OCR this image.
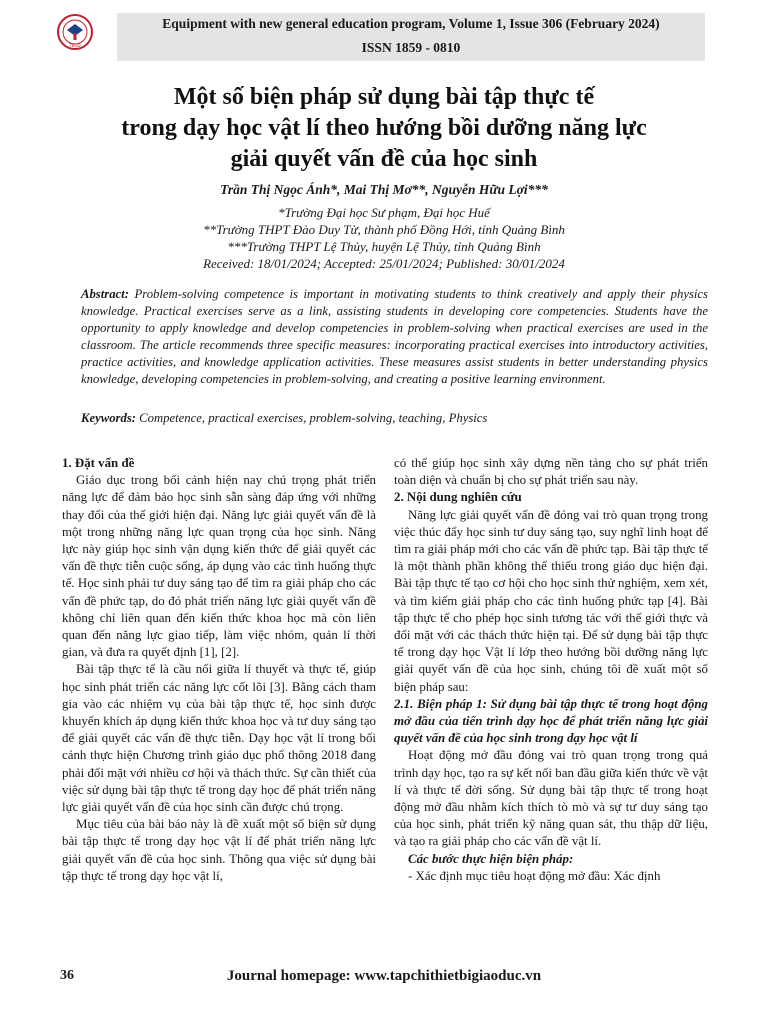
TBGD
Equipment with new general education program, Volume 1, Issue 306 (February 2024)
ISSN 1859 - 0810
Một số biện pháp sử dụng bài tập thực tế
trong dạy học vật lí theo hướng bồi dưỡng năng lực
giải quyết vấn đề của học sinh
Trần Thị Ngọc Ánh*, Mai Thị Mơ**, Nguyễn Hữu Lợi***
*Trường Đại học Sư phạm, Đại học Huế
**Trường THPT Đào Duy Từ, thành phố Đồng Hới, tỉnh Quảng Bình
***Trường THPT Lệ Thủy, huyện Lệ Thủy, tỉnh Quảng Bình
Received: 18/01/2024; Accepted: 25/01/2024; Published: 30/01/2024
Abstract: Problem-solving competence is important in motivating students to think creatively and apply their physics knowledge. Practical exercises serve as a link, assisting students in developing core competencies. Students have the opportunity to apply knowledge and develop competencies in problem-solving when practical exercises are used in the classroom. The article recommends three specific measures: incorporating practical exercises into introductory activities, practice activities, and knowledge application activities. These measures assist students in better understanding physics knowledge, developing competencies in problem-solving, and creating a positive learning environment.
Keywords: Competence, practical exercises, problem-solving, teaching, Physics
1. Đặt vấn đề

Giáo dục trong bối cảnh hiện nay chú trọng phát triển năng lực để đảm bảo học sinh sẵn sàng đáp ứng với những thay đổi của thế giới hiện đại. Năng lực giải quyết vấn đề là một trong những năng lực quan trọng của học sinh. Năng lực này giúp học sinh vận dụng kiến thức để giải quyết các vấn đề thực tiễn cuộc sống, áp dụng vào các tình huống thực tế. Học sinh phải tư duy sáng tạo để tìm ra giải pháp cho các vấn đề phức tạp, do đó phát triển năng lực giải quyết vấn đề không chỉ liên quan đến kiến thức khoa học mà còn liên quan đến năng lực giao tiếp, làm việc nhóm, quản lí thời gian, và đưa ra quyết định [1], [2].

Bài tập thực tế là cầu nối giữa lí thuyết và thực tế, giúp học sinh phát triển các năng lực cốt lõi [3]. Bằng cách tham gia vào các nhiệm vụ của bài tập thực tế, học sinh được khuyến khích áp dụng kiến thức khoa học và tư duy sáng tạo để giải quyết các vấn đề thực tiễn. Dạy học vật lí trong bối cảnh thực hiện Chương trình giáo dục phổ thông 2018 đang phải đối mặt với nhiều cơ hội và thách thức. Sự cần thiết của việc sử dụng bài tập thực tế trong dạy học để phát triển năng lực giải quyết vấn đề của học sinh cần được chú trọng.

Mục tiêu của bài báo này là đề xuất một số biện sử dụng bài tập thực tế trong dạy học vật lí để phát triển năng lực giải quyết vấn đề của học sinh. Thông qua việc sử dụng bài tập thực tế trong dạy học vật lí,

có thể giúp học sinh xây dựng nền tảng cho sự phát triển toàn diện và chuẩn bị cho sự phát triển sau này.

2. Nội dung nghiên cứu

Năng lực giải quyết vấn đề đóng vai trò quan trọng trong việc thúc đẩy học sinh tư duy sáng tạo, suy nghĩ linh hoạt để tìm ra giải pháp mới cho các vấn đề phức tạp. Bài tập thực tế là một thành phần không thể thiếu trong giáo dục hiện đại. Bài tập thực tế tạo cơ hội cho học sinh thử nghiệm, xem xét, và tìm kiếm giải pháp cho các tình huống phức tạp [4]. Bài tập thực tế cho phép học sinh tương tác với thế giới thực và đối mặt với các thách thức hiện tại. Để sử dụng bài tập thực tế trong dạy học Vật lí lớp theo hướng bồi dưỡng năng lực giải quyết vấn đề của học sinh, chúng tôi đề xuất một số biện pháp sau:

2.1. Biện pháp 1: Sử dụng bài tập thực tế trong hoạt động mở đầu của tiến trình dạy học để phát triển năng lực giải quyết vấn đề của học sinh trong dạy học vật lí

Hoạt động mở đầu đóng vai trò quan trọng trong quá trình dạy học, tạo ra sự kết nối ban đầu giữa kiến thức về vật lí và thực tế đời sống. Sử dụng bài tập thực tế trong hoạt động mở đầu nhằm kích thích tò mò và sự tư duy sáng tạo của học sinh, phát triển kỹ năng quan sát, thu thập dữ liệu, và tạo ra giải pháp cho các vấn đề vật lí.

Các bước thực hiện biện pháp:

- Xác định mục tiêu hoạt động mở đầu: Xác định

36	Journal homepage: www.tapchithietbigiaoduc.vn
